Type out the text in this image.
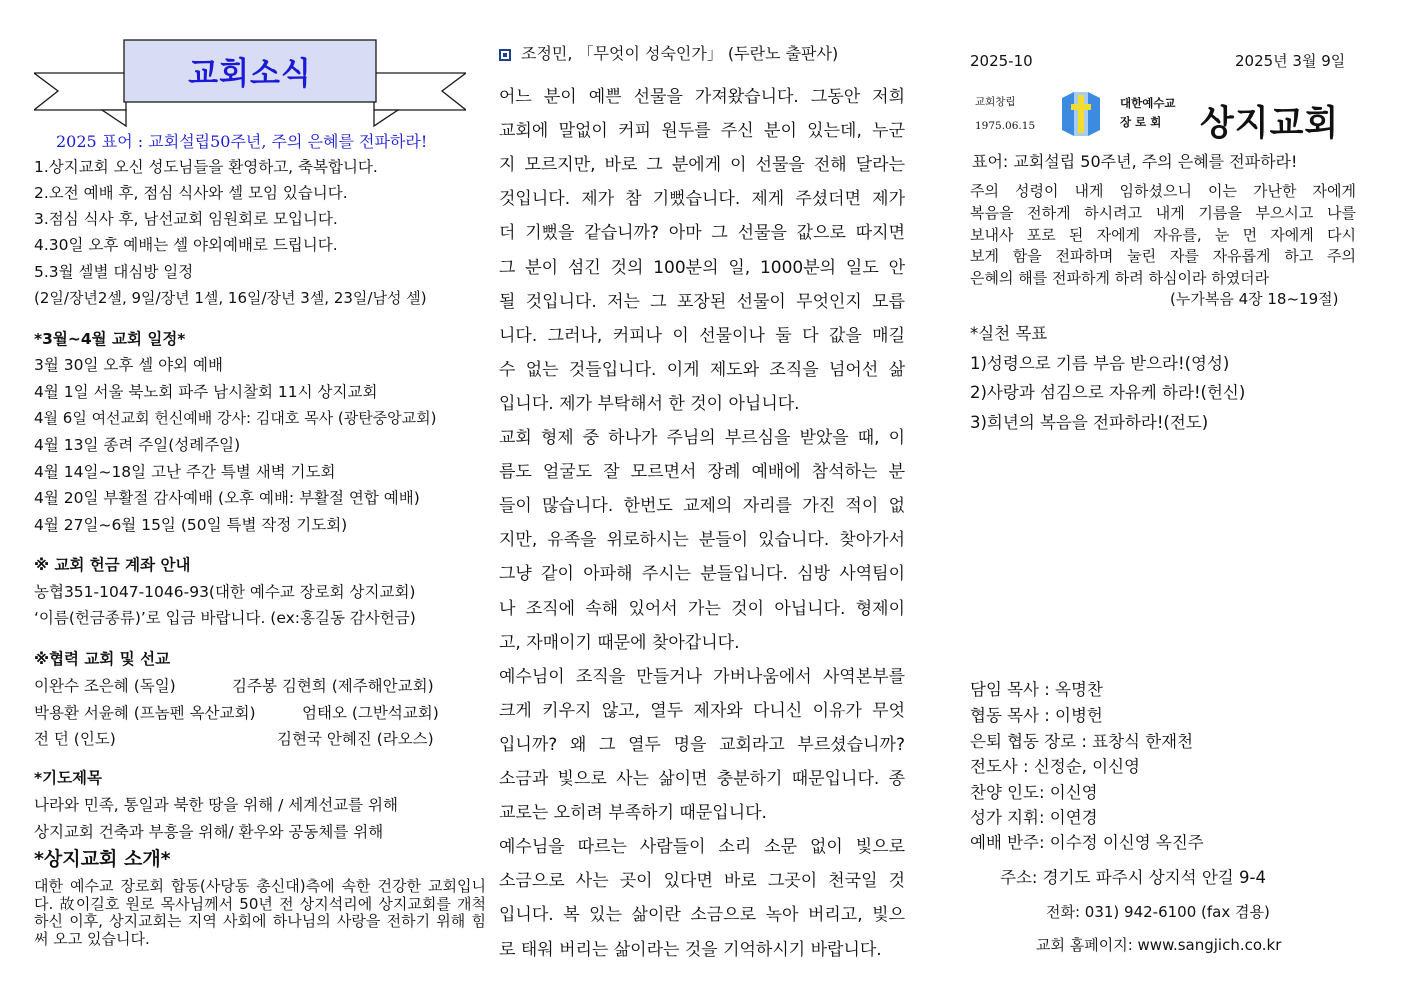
교회소식
2025 표어 : 교회설립50주년, 주의 은혜를 전파하라!
1.상지교회 오신 성도님들을 환영하고, 축복합니다.
2.오전 예배 후, 점심 식사와 셀 모임 있습니다.
3.점심 식사 후, 남선교회 임원회로 모입니다.
4.30일 오후 예배는 셀 야외예배로 드립니다.
5.3월 셀별 대심방 일정
(2일/장년2셀, 9일/장년 1셀, 16일/장년 3셀, 23일/남성 셀)
*3월~4월 교회 일정*
3월 30일 오후 셀 야외 예배
4월 1일 서울 북노회 파주 남시찰회 11시 상지교회
4월 6일 여선교회 헌신예배 강사: 김대호 목사 (광탄중앙교회)
4월 13일 종려 주일(성례주일)
4월 14일~18일 고난 주간 특별 새벽 기도회
4월 20일 부활절 감사예배 (오후 예배: 부활절 연합 예배)
4월 27일~6월 15일 (50일 특별 작정 기도회)
※ 교회 헌금 계좌 안내
농협351-1047-1046-93(대한 예수교 장로회 상지교회)
‘이름(헌금종류)’로 입금 바랍니다. (ex:홍길동 감사헌금)
※협력 교회 및 선교
이완수 조은혜 (독일)	김주봉 김현희 (제주해안교회)
박용환 서윤혜 (프놈펜 옥산교회)	엄태오 (그반석교회)
전 던 (인도)	김현국 안혜진 (라오스)
*기도제목
나라와 민족, 통일과 북한 땅을 위해 / 세계선교를 위해
상지교회 건축과 부흥을 위해/ 환우와 공동체를 위해
*상지교회 소개*
대한 예수교 장로회 합동(사당동 총신대)측에 속한 건강한 교회입니다. 故이길호 원로 목사님께서 50년 전 상지석리에 상지교회를 개척하신 이후, 상지교회는 지역 사회에 하나님의 사랑을 전하기 위해 힘써 오고 있습니다.
조정민, 「무엇이 성숙인가」 (두란노 출판사)
어느 분이 예쁜 선물을 가져왔습니다. 그동안 저희
교회에 말없이 커피 원두를 주신 분이 있는데, 누군
지 모르지만, 바로 그 분에게 이 선물을 전해 달라는
것입니다. 제가 참 기뻤습니다. 제게 주셨더면 제가
더 기뻤을 같습니까? 아마 그 선물을 값으로 따지면
그 분이 섬긴 것의 100분의 일, 1000분의 일도 안
될 것입니다. 저는 그 포장된 선물이 무엇인지 모릅
니다. 그러나, 커피나 이 선물이나 둘 다 값을 매길
수 없는 것들입니다. 이게 제도와 조직을 넘어선 삶
입니다. 제가 부탁해서 한 것이 아닙니다.
교회 형제 중 하나가 주님의 부르심을 받았을 때, 이
름도 얼굴도 잘 모르면서 장례 예배에 참석하는 분
들이 많습니다. 한번도 교제의 자리를 가진 적이 없
지만, 유족을 위로하시는 분들이 있습니다. 찾아가서
그냥 같이 아파해 주시는 분들입니다. 심방 사역팀이
나 조직에 속해 있어서 가는 것이 아닙니다. 형제이
고, 자매이기 때문에 찾아갑니다.
예수님이 조직을 만들거나 가버나움에서 사역본부를
크게 키우지 않고, 열두 제자와 다니신 이유가 무엇
입니까? 왜 그 열두 명을 교회라고 부르셨습니까?
소금과 빛으로 사는 삶이면 충분하기 때문입니다. 종
교로는 오히려 부족하기 때문입니다.
예수님을 따르는 사람들이 소리 소문 없이 빛으로
소금으로 사는 곳이 있다면 바로 그곳이 천국일 것
입니다. 복 있는 삶이란 소금으로 녹아 버리고, 빛으
로 태워 버리는 삶이라는 것을 기억하시기 바랍니다.
2025-10	2025년 3월 9일
교회창립
1975.06.15
대한예수교
장 로 회 상지교회
표어: 교회설립 50주년, 주의 은혜를 전파하라!
주의 성령이 내게 임하셨으니 이는 가난한 자에게
복음을 전하게 하시려고 내게 기름을 부으시고 나를
보내사 포로 된 자에게 자유를, 눈 먼 자에게 다시
보게 함을 전파하며 눌린 자를 자유롭게 하고 주의
은혜의 해를 전파하게 하려 하심이라 하였더라
(누가복음 4장 18~19절)
*실천 목표
1)성령으로 기름 부음 받으라!(영성)
2)사랑과 섬김으로 자유케 하라!(헌신)
3)희년의 복음을 전파하라!(전도)
담임 목사 : 옥명찬
협동 목사 : 이병헌
은퇴 협동 장로 : 표창식 한재천
전도사 : 신정순, 이신영
찬양 인도: 이신영
성가 지휘: 이연경
예배 반주: 이수정 이신영 옥진주
주소: 경기도 파주시 상지석 안길 9-4
전화: 031) 942-6100 (fax 겸용)
교회 홈페이지: www.sangjich.co.kr
